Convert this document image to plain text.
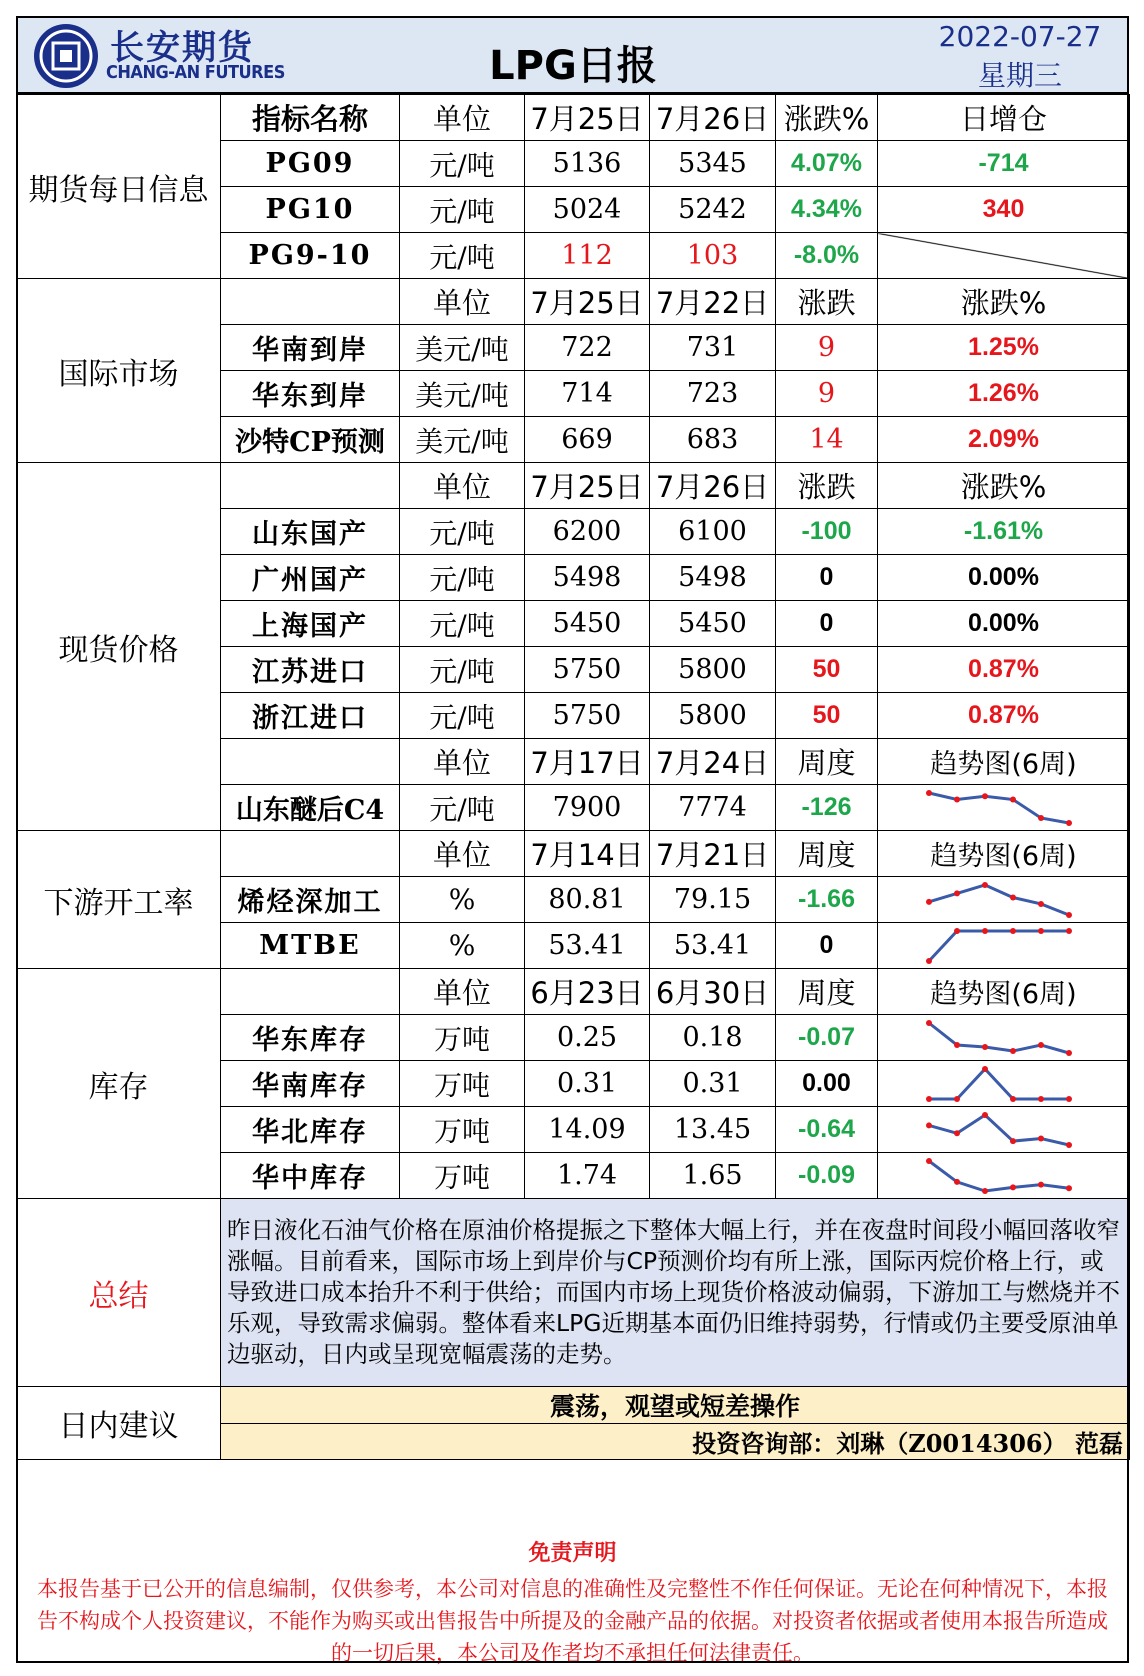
长安期货
CHANG-AN FUTURES	LPG日报
2022-07-27
星期三
期货每日信息	指标名称	单位	7月25日	7月26日	涨跌%	日增仓
	PG09	元/吨	5136	5345	4.07%	-714
	PG10	元/吨	5024	5242	4.34%	340
	PG9-10	元/吨	112	103	-8.0%	
国际市场		单位	7月25日	7月22日	涨跌	涨跌%
	华南到岸	美元/吨	722	731	9	1.25%
	华东到岸	美元/吨	714	723	9	1.26%
	沙特CP预测	美元/吨	669	683	14	2.09%
现货价格		单位	7月25日	7月26日	涨跌	涨跌%
	山东国产	元/吨	6200	6100	-100	-1.61%
	广州国产	元/吨	5498	5498	0	0.00%
	上海国产	元/吨	5450	5450	0	0.00%
	江苏进口	元/吨	5750	5800	50	0.87%
	浙江进口	元/吨	5750	5800	50	0.87%
		单位	7月17日	7月24日	周度	趋势图(6周)
	山东醚后C4	元/吨	7900	7774	-126	

下游开工率		单位	7月14日	7月21日	周度	趋势图(6周)
	烯烃深加工	%	80.81	79.15	-1.66	

	MTBE	%	53.41	53.41	0	

库存		单位	6月23日	6月30日	周度	趋势图(6周)
	华东库存	万吨	0.25	0.18	-0.07	

	华南库存	万吨	0.31	0.31	0.00	

	华北库存	万吨	14.09	13.45	-0.64	

	华中库存	万吨	1.74	1.65	-0.09	

总结	昨日液化石油气价格在原油价格提振之下整体大幅上行，并在夜盘时间段小幅回落收窄涨幅。目前看来，国际市场上到岸价与CP预测价均有所上涨，国际丙烷价格上行，或导致进口成本抬升不利于供给；而国内市场上现货价格波动偏弱，下游加工与燃烧并不乐观，导致需求偏弱。整体看来LPG近期基本面仍旧维持弱势，行情或仍主要受原油单边驱动，日内或呈现宽幅震荡的走势。					
日内建议	震荡，观望或短差操作					
	投资咨询部：刘琳（Z0014306） 范磊					
免责声明
本报告基于已公开的信息编制，仅供参考，本公司对信息的准确性及完整性不作任何保证。无论在何种情况下，本报告不构成个人投资建议，不能作为购买或出售报告中所提及的金融产品的依据。对投资者依据或者使用本报告所造成的一切后果，本公司及作者均不承担任何法律责任。
